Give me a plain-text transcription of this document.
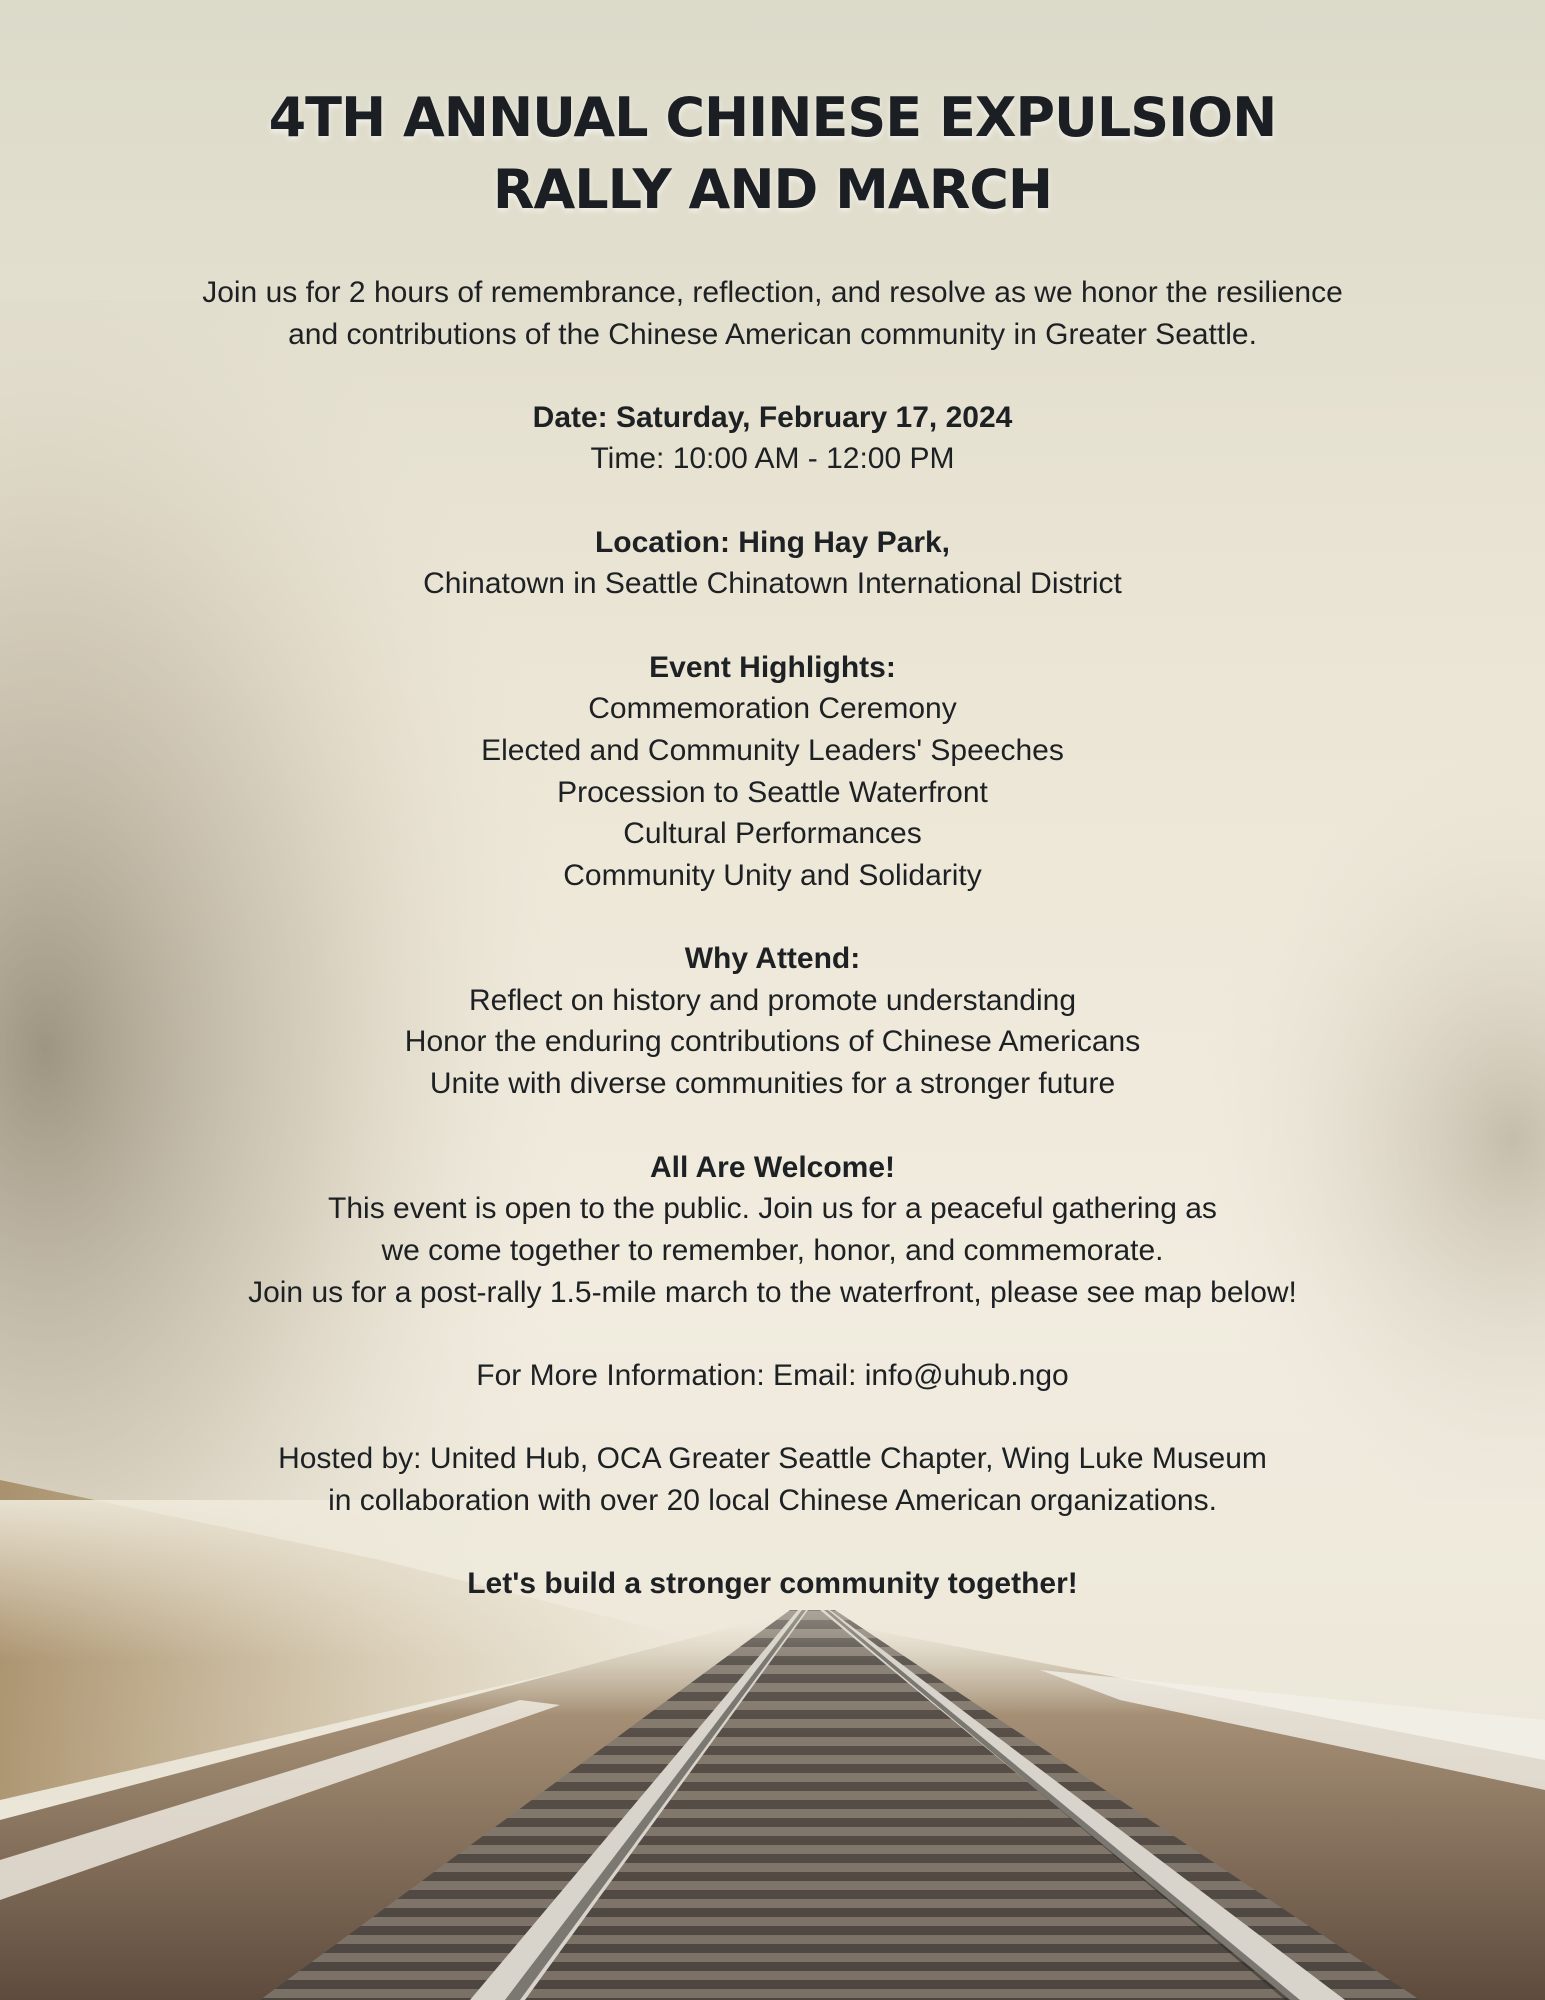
4TH ANNUAL CHINESE EXPULSION
RALLY AND MARCH
Join us for 2 hours of remembrance, reflection, and resolve as we honor the resilience
and contributions of the Chinese American community in Greater Seattle.
Date: Saturday, February 17, 2024
Time: 10:00 AM - 12:00 PM
Location: Hing Hay Park,
Chinatown in Seattle Chinatown International District
Event Highlights:
Commemoration Ceremony
Elected and Community Leaders' Speeches
Procession to Seattle Waterfront
Cultural Performances
Community Unity and Solidarity
Why Attend:
Reflect on history and promote understanding
Honor the enduring contributions of Chinese Americans
Unite with diverse communities for a stronger future
All Are Welcome!
This event is open to the public. Join us for a peaceful gathering as
we come together to remember, honor, and commemorate.
Join us for a post-rally 1.5-mile march to the waterfront, please see map below!
For More Information: Email: info@uhub.ngo
Hosted by: United Hub, OCA Greater Seattle Chapter, Wing Luke Museum
in collaboration with over 20 local Chinese American organizations.
Let's build a stronger community together!
